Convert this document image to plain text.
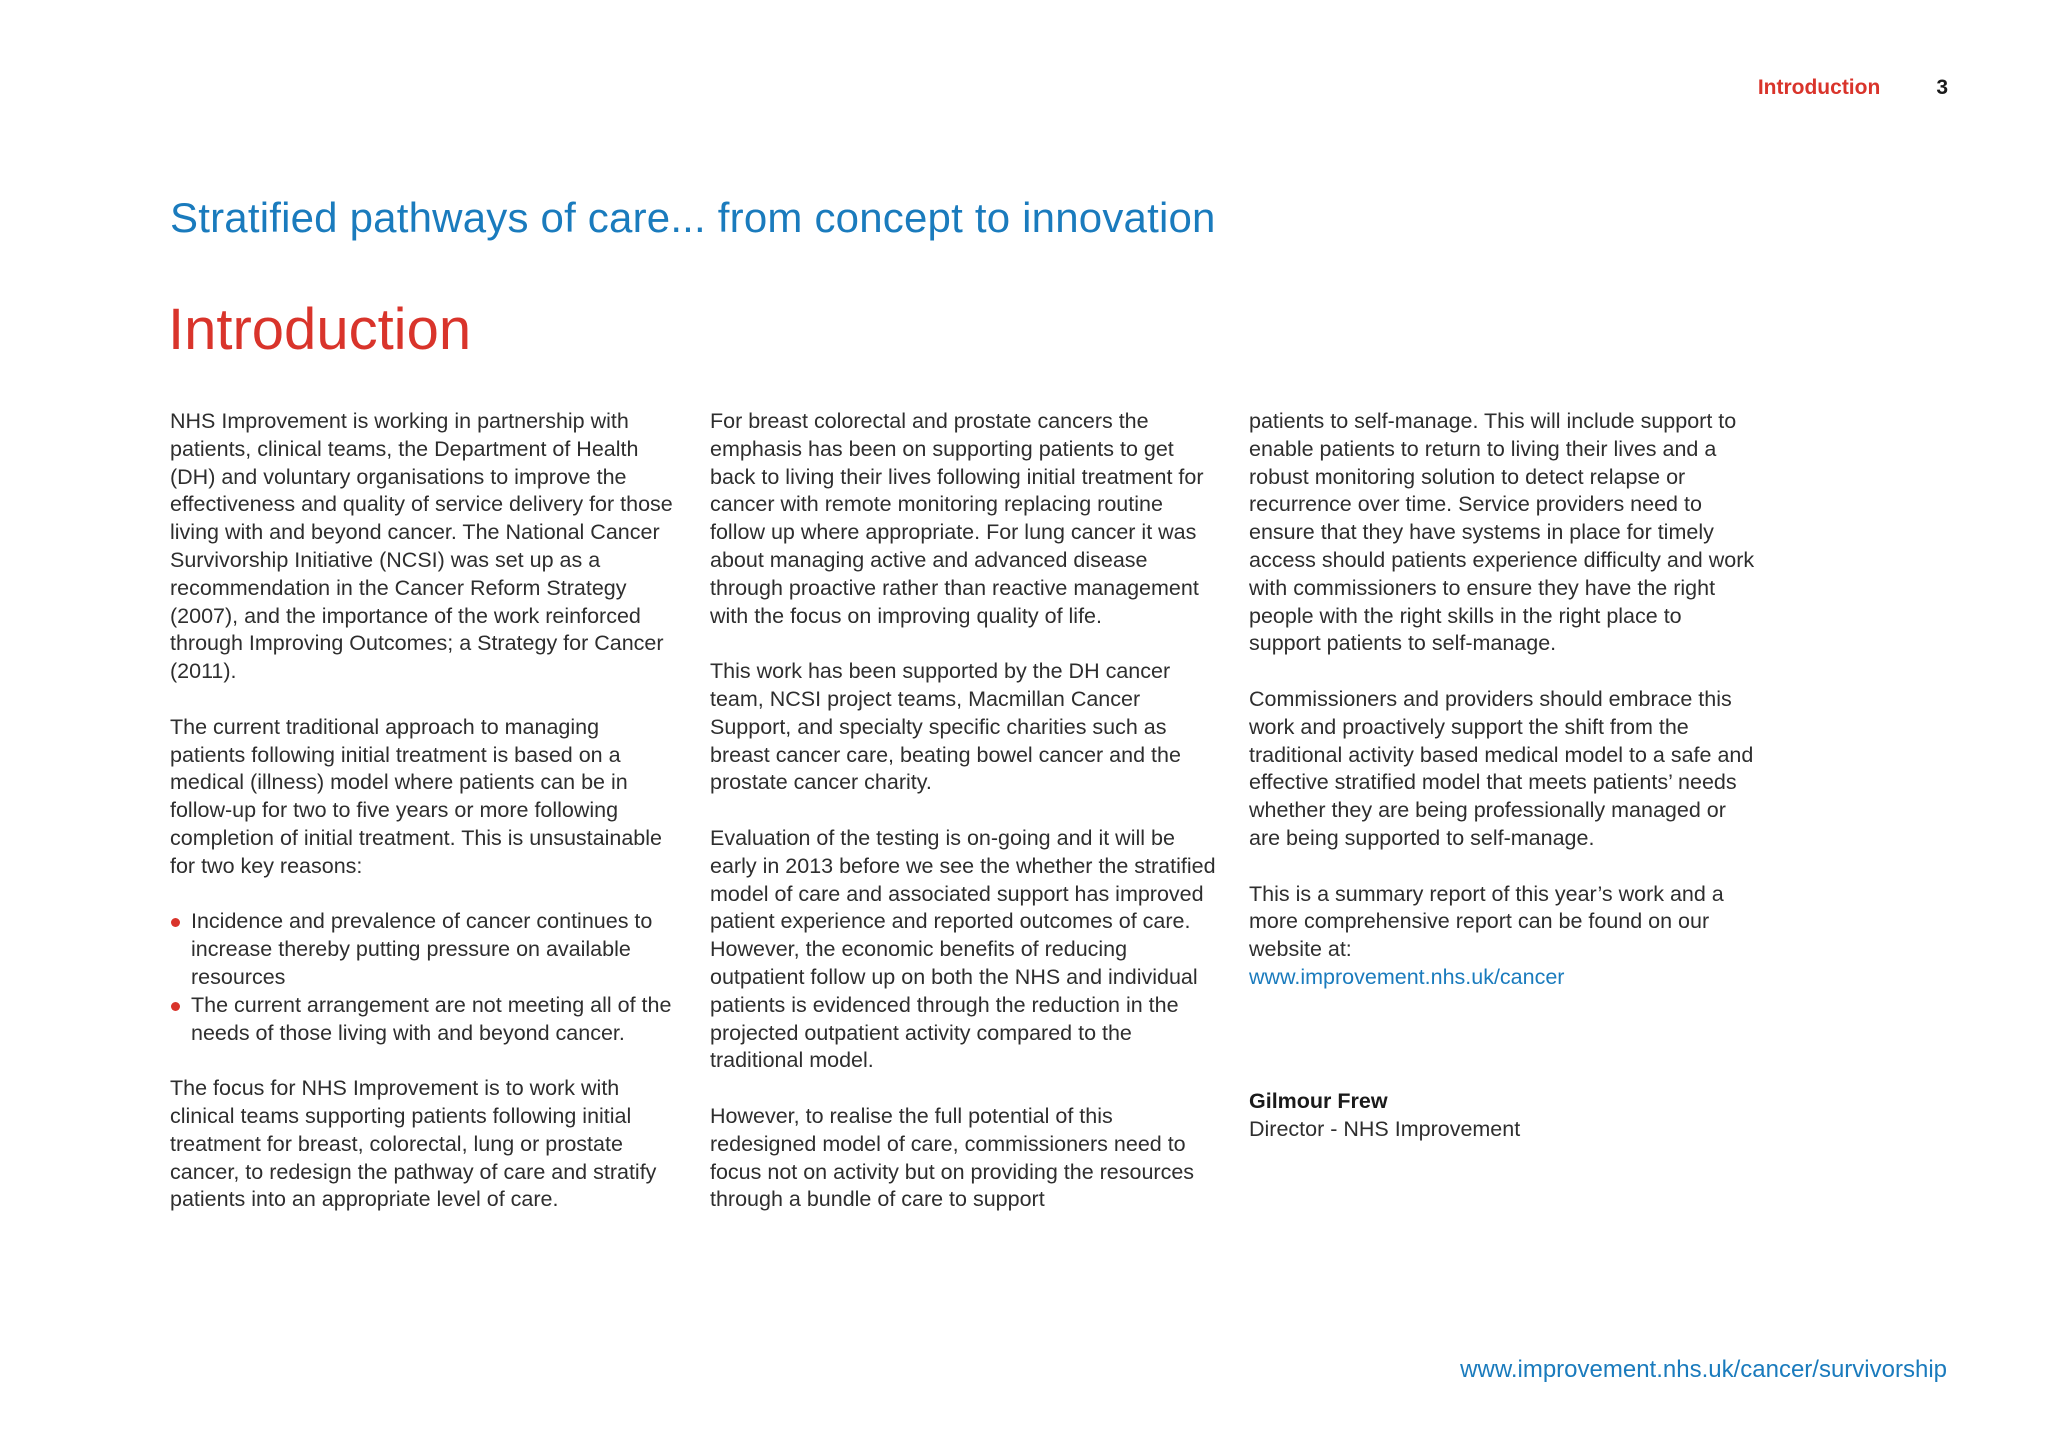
Introduction	3
Stratified pathways of care... from concept to innovation
Introduction

NHS Improvement is working in partnership with patients, clinical teams, the Department of Health (DH) and voluntary organisations to improve the effectiveness and quality of service delivery for those living with and beyond cancer. The National Cancer Survivorship Initiative (NCSI) was set up as a recommendation in the Cancer Reform Strategy (2007), and the importance of the work reinforced through Improving Outcomes; a Strategy for Cancer (2011).

The current traditional approach to managing patients following initial treatment is based on a medical (illness) model where patients can be in follow-up for two to five years or more following completion of initial treatment. This is unsustainable for two key reasons:

Incidence and prevalence of cancer continues to increase thereby putting pressure on available resources
The current arrangement are not meeting all of the needs of those living with and beyond cancer.

The focus for NHS Improvement is to work with clinical teams supporting patients following initial treatment for breast, colorectal, lung or prostate cancer, to redesign the pathway of care and stratify patients into an appropriate level of care.

For breast colorectal and prostate cancers the emphasis has been on supporting patients to get back to living their lives following initial treatment for cancer with remote monitoring replacing routine follow up where appropriate. For lung cancer it was about managing active and advanced disease through proactive rather than reactive management with the focus on improving quality of life.

This work has been supported by the DH cancer team, NCSI project teams, Macmillan Cancer Support, and specialty specific charities such as breast cancer care, beating bowel cancer and the prostate cancer charity.

Evaluation of the testing is on-going and it will be early in 2013 before we see the whether the stratified model of care and associated support has improved patient experience and reported outcomes of care. However, the economic benefits of reducing outpatient follow up on both the NHS and individual patients is evidenced through the reduction in the projected outpatient activity compared to the traditional model.

However, to realise the full potential of this redesigned model of care, commissioners need to focus not on activity but on providing the resources through a bundle of care to support

patients to self-manage. This will include support to enable patients to return to living their lives and a robust monitoring solution to detect relapse or recurrence over time. Service providers need to ensure that they have systems in place for timely access should patients experience difficulty and work with commissioners to ensure they have the right people with the right skills in the right place to support patients to self-manage.

Commissioners and providers should embrace this work and proactively support the shift from the traditional activity based medical model to a safe and effective stratified model that meets patients’ needs whether they are being professionally managed or are being supported to self-manage.

This is a summary report of this year’s work and a more comprehensive report can be found on our website at:

www.improvement.nhs.uk/cancer
Gilmour Frew
Director - NHS Improvement
www.improvement.nhs.uk/cancer/survivorship
